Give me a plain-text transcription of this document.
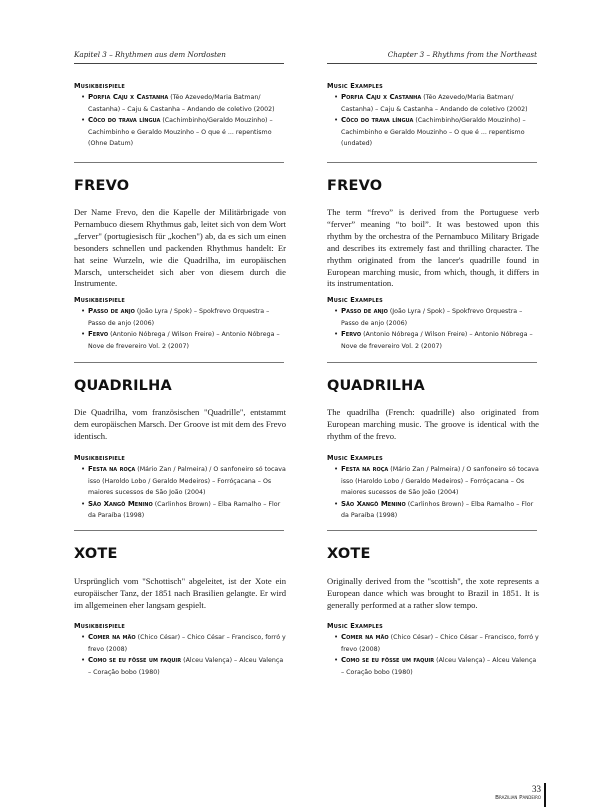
Kapitel 3 – Rhythmen aus dem Nordosten	Chapter 3 – Rhythms from the Northeast
Musikbeispiele
• Porfia Caju x Castanha (Téo Azevedo/Maria Batman/ Castanha) – Caju & Castanha – Andando de coletivo (2002)
• Côco do trava língua (Cachimbinho/Geraldo Mouzinho) – Cachimbinho e Geraldo Mouzinho – O que é ... repentismo (Ohne Datum)
Music Examples
• Porfia Caju x Castanha (Téo Azevedo/Maria Batman/ Castanha) – Caju & Castanha – Andando de coletivo (2002)
• Côco do trava língua (Cachimbinho/Geraldo Mouzinho) – Cachimbinho e Geraldo Mouzinho – O que é ... repentismo (undated)
FREVO	FREVO

Der Name Frevo, den die Kapelle der Militärbrigade von Pernambuco diesem Rhythmus gab, leitet sich von dem Wort „ferver" (portugiesisch für „kochen") ab, da es sich um einen besonders schnellen und packenden Rhythmus handelt: Er hat seine Wurzeln, wie die Quadrilha, im europäischen Marsch, unterscheidet sich aber von diesem durch die Instrumente.

The term “frevo” is derived from the Portuguese verb “ferver” meaning “to boil”. It was bestowed upon this rhythm by the orchestra of the Pernambuco Military Brigade and describes its extremely fast and thrilling character. The rhythm originated from the lancer's quadrille found in European marching music, from which, though, it differs in its instrumentation.

Musikbeispiele
• Passo de anjo (João Lyra / Spok) – Spokfrevo Orquestra – Passo de anjo (2006)
• Fervo (Antonio Nóbrega / Wilson Freire) – Antonio Nóbrega – Nove de frevereiro Vol. 2 (2007)
Music Examples
• Passo de anjo (João Lyra / Spok) – Spokfrevo Orquestra – Passo de anjo (2006)
• Fervo (Antonio Nóbrega / Wilson Freire) – Antonio Nóbrega – Nove de frevereiro Vol. 2 (2007)
QUADRILHA	QUADRILHA

Die Quadrilha, vom französischen "Quadrille", entstammt dem europäischen Marsch. Der Groove ist mit dem des Frevo identisch.

The quadrilha (French: quadrille) also originated from European marching music. The groove is identical with the rhythm of the frevo.

Musikbeispiele
• Festa na roça (Mário Zan / Palmeira) / O sanfoneiro só tocava isso (Haroldo Lobo / Geraldo Medeiros) – Forróçacana – Os maiores sucessos de São João (2004)
• São Xangô Menino (Carlinhos Brown) – Elba Ramalho – Flor da Paraíba (1998)
Music Examples
• Festa na roça (Mário Zan / Palmeira) / O sanfoneiro só tocava isso (Haroldo Lobo / Geraldo Medeiros) – Forróçacana – Os maiores sucessos de São João (2004)
• São Xangô Menino (Carlinhos Brown) – Elba Ramalho – Flor da Paraíba (1998)
XOTE	XOTE

Ursprünglich vom "Schottisch" abgeleitet, ist der Xote ein europäischer Tanz, der 1851 nach Brasilien gelangte. Er wird im allgemeinen eher langsam gespielt.

Originally derived from the "scottish", the xote represents a European dance which was brought to Brazil in 1851. It is generally performed at a rather slow tempo.

Musikbeispiele
• Comer na mão (Chico César) – Chico César – Francisco, forró y frevo (2008)
• Como se eu fôsse um faquir (Alceu Valença) – Alceu Valença – Coração bobo (1980)
Music Examples
• Comer na mão (Chico César) – Chico César – Francisco, forró y frevo (2008)
• Como se eu fôsse um faquir (Alceu Valença) – Alceu Valença – Coração bobo (1980)
33
Brazilian Pandeiro
